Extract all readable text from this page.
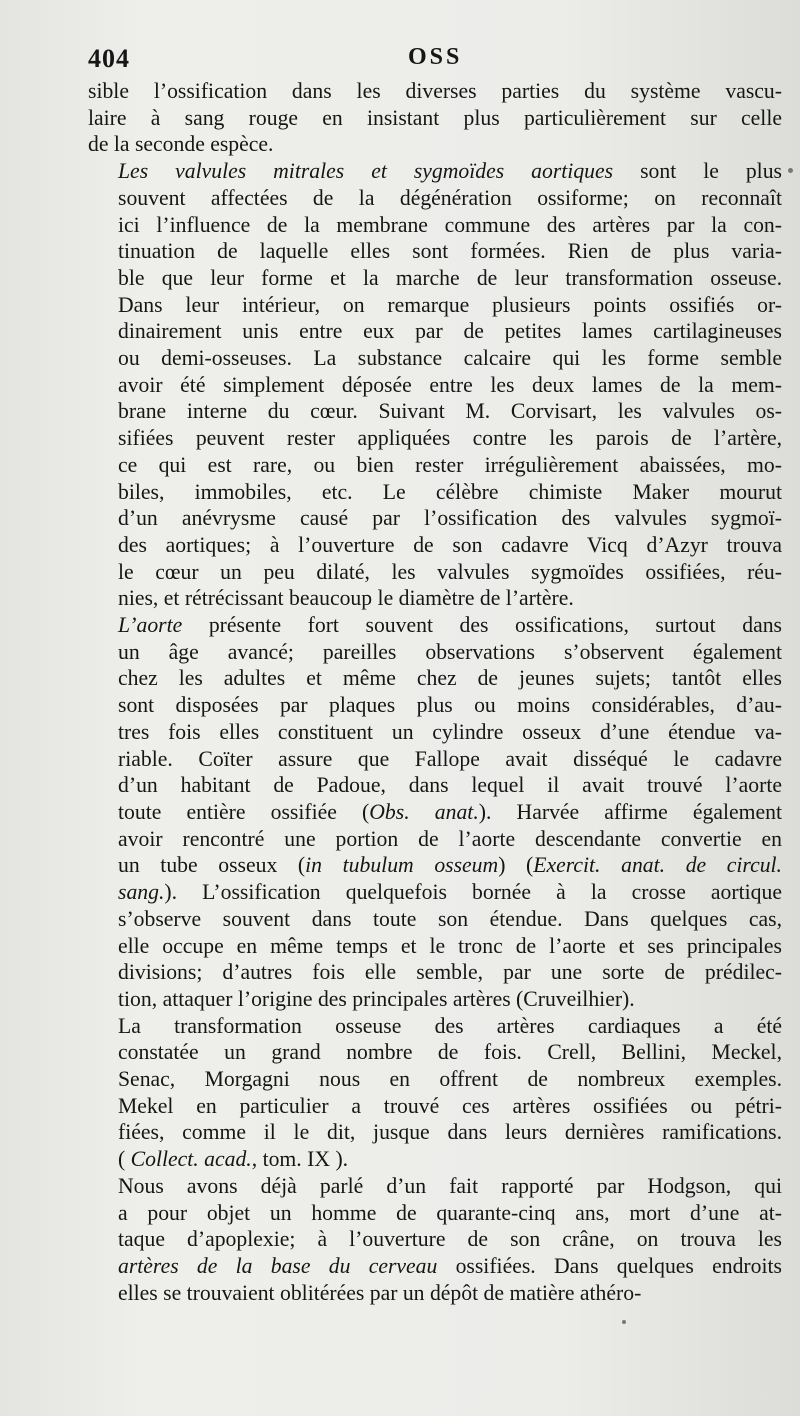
404	OSS

sible l’ossification dans les diverses parties du système vascu-
laire à sang rouge en insistant plus particulièrement sur celle
de la seconde espèce.

Les valvules mitrales et sygmoïdes aortiques sont le plus
souvent affectées de la dégénération ossiforme; on reconnaît
ici l’influence de la membrane commune des artères par la con-
tinuation de laquelle elles sont formées. Rien de plus varia-
ble que leur forme et la marche de leur transformation osseuse.
Dans leur intérieur, on remarque plusieurs points ossifiés or-
dinairement unis entre eux par de petites lames cartilagineuses
ou demi-osseuses. La substance calcaire qui les forme semble
avoir été simplement déposée entre les deux lames de la mem-
brane interne du cœur. Suivant M. Corvisart, les valvules os-
sifiées peuvent rester appliquées contre les parois de l’artère,
ce qui est rare, ou bien rester irrégulièrement abaissées, mo-
biles, immobiles, etc. Le célèbre chimiste Maker mourut
d’un anévrysme causé par l’ossification des valvules sygmoï-
des aortiques; à l’ouverture de son cadavre Vicq d’Azyr trouva
le cœur un peu dilaté, les valvules sygmoïdes ossifiées, réu-
nies, et rétrécissant beaucoup le diamètre de l’artère.

L’aorte présente fort souvent des ossifications, surtout dans
un âge avancé; pareilles observations s’observent également
chez les adultes et même chez de jeunes sujets; tantôt elles
sont disposées par plaques plus ou moins considérables, d’au-
tres fois elles constituent un cylindre osseux d’une étendue va-
riable. Coïter assure que Fallope avait disséqué le cadavre
d’un habitant de Padoue, dans lequel il avait trouvé l’aorte
toute entière ossifiée (Obs. anat.). Harvée affirme également
avoir rencontré une portion de l’aorte descendante convertie en
un tube osseux (in tubulum osseum) (Exercit. anat. de circul.
sang.). L’ossification quelquefois bornée à la crosse aortique
s’observe souvent dans toute son étendue. Dans quelques cas,
elle occupe en même temps et le tronc de l’aorte et ses principales
divisions; d’autres fois elle semble, par une sorte de prédilec-
tion, attaquer l’origine des principales artères (Cruveilhier).

La transformation osseuse des artères cardiaques a été
constatée un grand nombre de fois. Crell, Bellini, Meckel,
Senac, Morgagni nous en offrent de nombreux exemples.
Mekel en particulier a trouvé ces artères ossifiées ou pétri-
fiées, comme il le dit, jusque dans leurs dernières ramifications.
( Collect. acad., tom. IX ).

Nous avons déjà parlé d’un fait rapporté par Hodgson, qui
a pour objet un homme de quarante-cinq ans, mort d’une at-
taque d’apoplexie; à l’ouverture de son crâne, on trouva les
artères de la base du cerveau ossifiées. Dans quelques endroits
elles se trouvaient oblitérées par un dépôt de matière athéro-
